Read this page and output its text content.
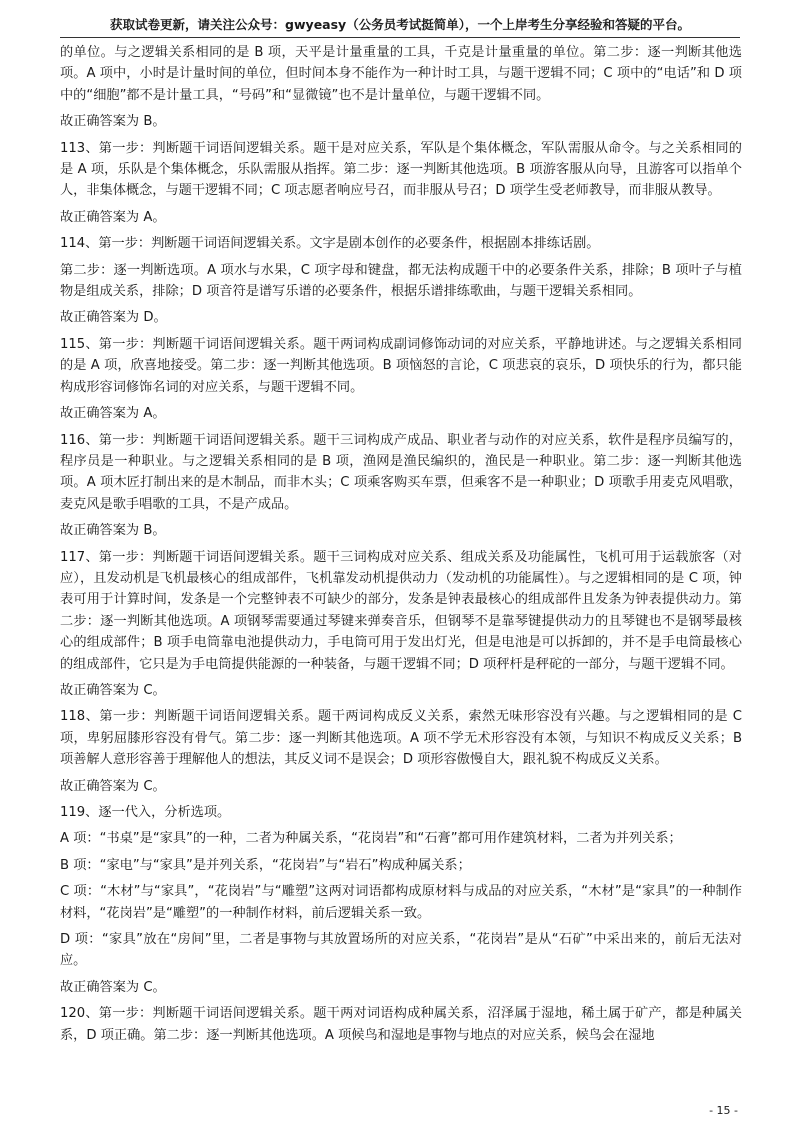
获取试卷更新，请关注公众号：gwyeasy（公务员考试挺简单），一个上岸考生分享经验和答疑的平台。

的单位。与之逻辑关系相同的是 B 项，天平是计量重量的工具，千克是计量重量的单位。第二步：逐一判断其他选项。A 项中，小时是计量时间的单位，但时间本身不能作为一种计时工具，与题干逻辑不同；C 项中的“电话”和 D 项中的“细胞”都不是计量工具，“号码”和“显微镜”也不是计量单位，与题干逻辑不同。

故正确答案为 B。

113、第一步：判断题干词语间逻辑关系。题干是对应关系，军队是个集体概念，军队需服从命令。与之关系相同的是 A 项，乐队是个集体概念，乐队需服从指挥。第二步：逐一判断其他选项。B 项游客服从向导，且游客可以指单个人，非集体概念，与题干逻辑不同；C 项志愿者响应号召，而非服从号召；D 项学生受老师教导，而非服从教导。

故正确答案为 A。

114、第一步：判断题干词语间逻辑关系。文字是剧本创作的必要条件，根据剧本排练话剧。

第二步：逐一判断选项。A 项水与水果，C 项字母和键盘，都无法构成题干中的必要条件关系，排除；B 项叶子与植物是组成关系，排除；D 项音符是谱写乐谱的必要条件，根据乐谱排练歌曲，与题干逻辑关系相同。

故正确答案为 D。

115、第一步：判断题干词语间逻辑关系。题干两词构成副词修饰动词的对应关系，平静地讲述。与之逻辑关系相同的是 A 项，欣喜地接受。第二步：逐一判断其他选项。B 项恼怒的言论，C 项悲哀的哀乐，D 项快乐的行为，都只能构成形容词修饰名词的对应关系，与题干逻辑不同。

故正确答案为 A。

116、第一步：判断题干词语间逻辑关系。题干三词构成产成品、职业者与动作的对应关系，软件是程序员编写的，程序员是一种职业。与之逻辑关系相同的是 B 项，渔网是渔民编织的，渔民是一种职业。第二步：逐一判断其他选项。A 项木匠打制出来的是木制品，而非木头；C 项乘客购买车票，但乘客不是一种职业；D 项歌手用麦克风唱歌，麦克风是歌手唱歌的工具，不是产成品。

故正确答案为 B。

117、第一步：判断题干词语间逻辑关系。题干三词构成对应关系、组成关系及功能属性，飞机可用于运载旅客（对应），且发动机是飞机最核心的组成部件，飞机靠发动机提供动力（发动机的功能属性）。与之逻辑相同的是 C 项，钟表可用于计算时间，发条是一个完整钟表不可缺少的部分，发条是钟表最核心的组成部件且发条为钟表提供动力。第二步：逐一判断其他选项。A 项钢琴需要通过琴键来弹奏音乐，但钢琴不是靠琴键提供动力的且琴键也不是钢琴最核心的组成部件；B 项手电筒靠电池提供动力，手电筒可用于发出灯光，但是电池是可以拆卸的，并不是手电筒最核心的组成部件，它只是为手电筒提供能源的一种装备，与题干逻辑不同；D 项秤杆是秤砣的一部分，与题干逻辑不同。

故正确答案为 C。

118、第一步：判断题干词语间逻辑关系。题干两词构成反义关系，索然无味形容没有兴趣。与之逻辑相同的是 C 项，卑躬屈膝形容没有骨气。第二步：逐一判断其他选项。A 项不学无术形容没有本领，与知识不构成反义关系；B 项善解人意形容善于理解他人的想法，其反义词不是误会；D 项形容傲慢自大，跟礼貌不构成反义关系。

故正确答案为 C。

119、逐一代入，分析选项。

A 项：“书桌”是“家具”的一种，二者为种属关系，“花岗岩”和“石膏”都可用作建筑材料，二者为并列关系；

B 项：“家电”与“家具”是并列关系，“花岗岩”与“岩石”构成种属关系；

C 项：“木材”与“家具”，“花岗岩”与“雕塑”这两对词语都构成原材料与成品的对应关系，“木材”是“家具”的一种制作材料，“花岗岩”是“雕塑”的一种制作材料，前后逻辑关系一致。

D 项：“家具”放在“房间”里，二者是事物与其放置场所的对应关系，“花岗岩”是从“石矿”中采出来的，前后无法对应。

故正确答案为 C。

120、第一步：判断题干词语间逻辑关系。题干两对词语构成种属关系，沼泽属于湿地，稀土属于矿产，都是种属关系，D 项正确。第二步：逐一判断其他选项。A 项候鸟和湿地是事物与地点的对应关系，候鸟会在湿地

- 15 -
